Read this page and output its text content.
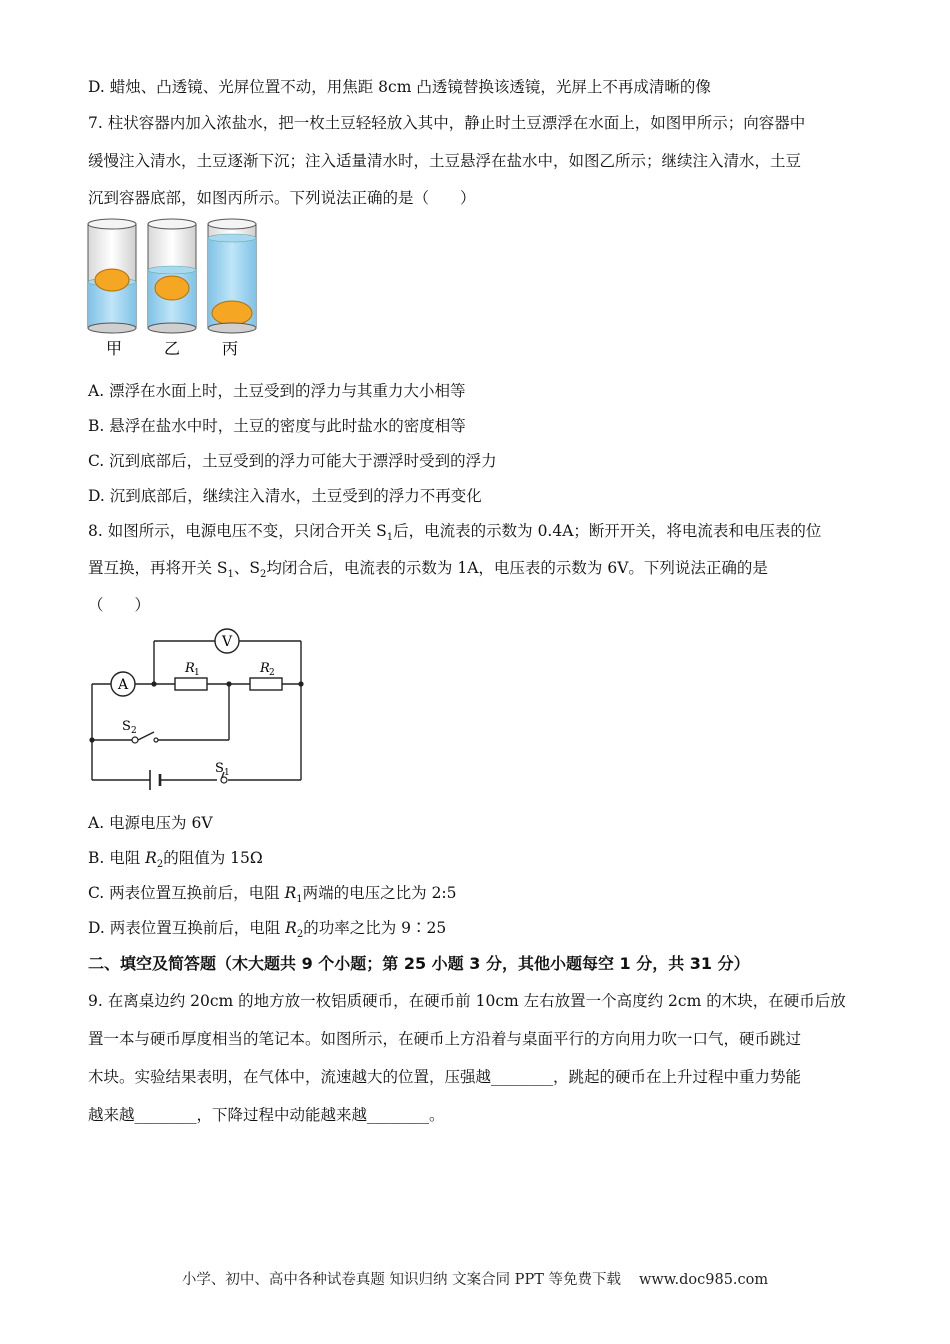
D. 蜡烛、凸透镜、光屏位置不动，用焦距 8cm 凸透镜替换该透镜，光屏上不再成清晰的像
7. 柱状容器内加入浓盐水，把一枚土豆轻轻放入其中，静止时土豆漂浮在水面上，如图甲所示；向容器中
缓慢注入清水，土豆逐渐下沉；注入适量清水时，土豆悬浮在盐水中，如图乙所示；继续注入清水，土豆
沉到容器底部，如图丙所示。下列说法正确的是（　　）
甲	乙	丙
A. 漂浮在水面上时，土豆受到的浮力与其重力大小相等
B. 悬浮在盐水中时，土豆的密度与此时盐水的密度相等
C. 沉到底部后，土豆受到的浮力可能大于漂浮时受到的浮力
D. 沉到底部后，继续注入清水，土豆受到的浮力不再变化
8. 如图所示，电源电压不变，只闭合开关 $S_1$后，电流表的示数为 0.4A；断开开关，将电流表和电压表的位
置互换，再将开关 $S_1$、$S_2$均闭合后，电流表的示数为 1A，电压表的示数为 6V。下列说法正确的是
（　　）
A
V
R 1	R 2
S 2
S 1
A. 电源电压为 6V
B. 电阻 $R_2$的阻值为 15Ω
C. 两表位置互换前后，电阻 $R_1$两端的电压之比为 2:5
D. 两表位置互换前后，电阻 $R_2$的功率之比为 9∶25
二、填空及简答题（木大题共 9 个小题；第 25 小题 3 分，其他小题每空 1 分，共 31 分）
9. 在离桌边约 20cm 的地方放一枚铝质硬币，在硬币前 10cm 左右放置一个高度约 2cm 的木块，在硬币后放
置一本与硬币厚度相当的笔记本。如图所示，在硬币上方沿着与桌面平行的方向用力吹一口气，硬币跳过
木块。实验结果表明，在气体中，流速越大的位置，压强越________，跳起的硬币在上升过程中重力势能
越来越________，下降过程中动能越来越________。
小学、初中、高中各种试卷真题 知识归纳 文案合同 PPT 等免费下载 www.doc985.com
